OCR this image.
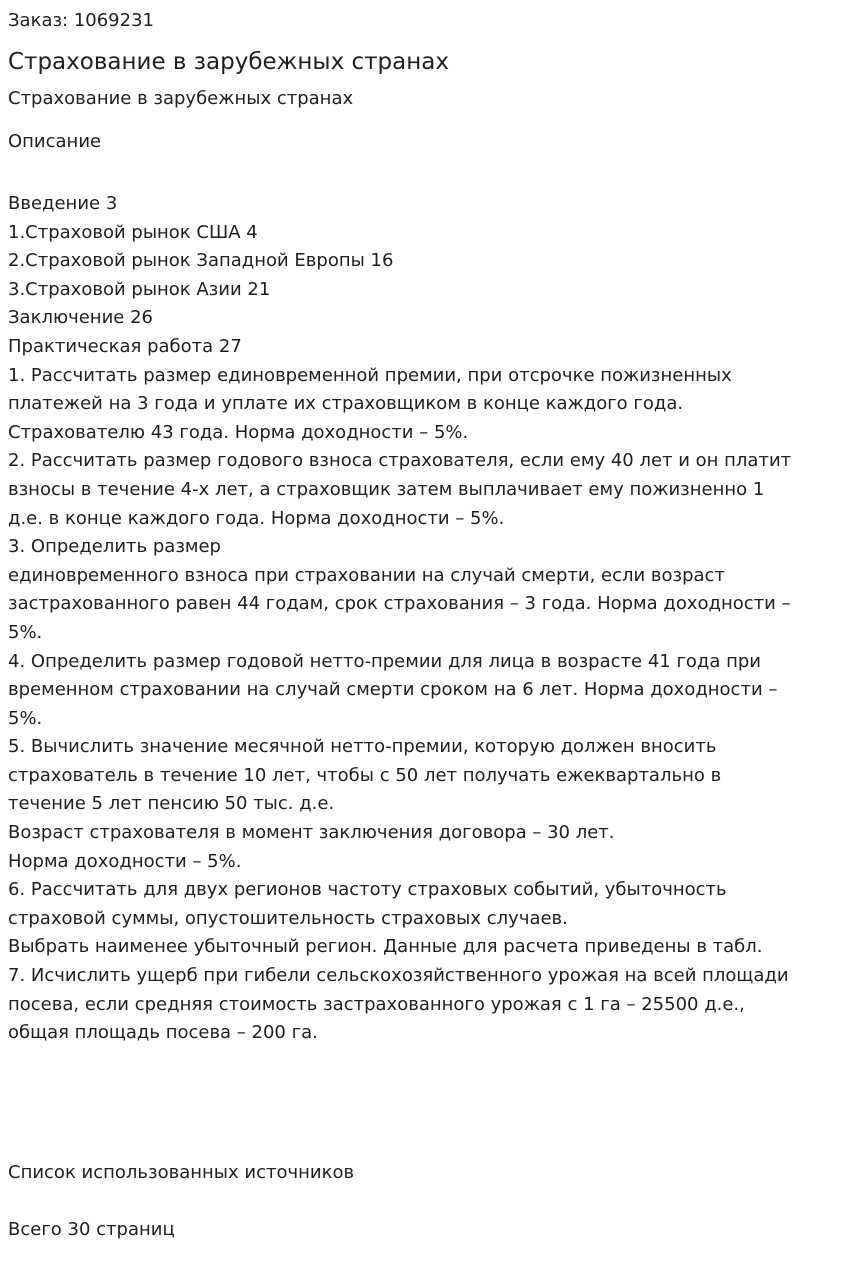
Заказ: 1069231

Страхование в зарубежных странах

Страхование в зарубежных странах

Описание

Введение 3
1.Страховой рынок США 4
2.Страховой рынок Западной Европы 16
3.Страховой рынок Азии 21
Заключение 26
Практическая работа 27
1. Рассчитать размер единовременной премии, при отсрочке пожизненных
платежей на 3 года и уплате их страховщиком в конце каждого года.
Страхователю 43 года. Норма доходности – 5%.
2. Рассчитать размер годового взноса страхователя, если ему 40 лет и он платит
взносы в течение 4-х лет, а страховщик затем выплачивает ему пожизненно 1
д.е. в конце каждого года. Норма доходности – 5%.
3. Определить размер
единовременного взноса при страховании на случай смерти, если возраст
застрахованного равен 44 годам, срок страхования – 3 года. Норма доходности –
5%.
4. Определить размер годовой нетто-премии для лица в возрасте 41 года при
временном страховании на случай смерти сроком на 6 лет. Норма доходности –
5%.
5. Вычислить значение месячной нетто-премии, которую должен вносить
страхователь в течение 10 лет, чтобы с 50 лет получать ежеквартально в
течение 5 лет пенсию 50 тыс. д.е.
Возраст страхователя в момент заключения договора – 30 лет.
Норма доходности – 5%.
6. Рассчитать для двух регионов частоту страховых событий, убыточность
страховой суммы, опустошительность страховых случаев.
Выбрать наименее убыточный регион. Данные для расчета приведены в табл.
7. Исчислить ущерб при гибели сельскохозяйственного урожая на всей площади
посева, если средняя стоимость застрахованного урожая с 1 га – 25500 д.е.,
общая площадь посева – 200 га.

Список использованных источников

Всего 30 страниц
